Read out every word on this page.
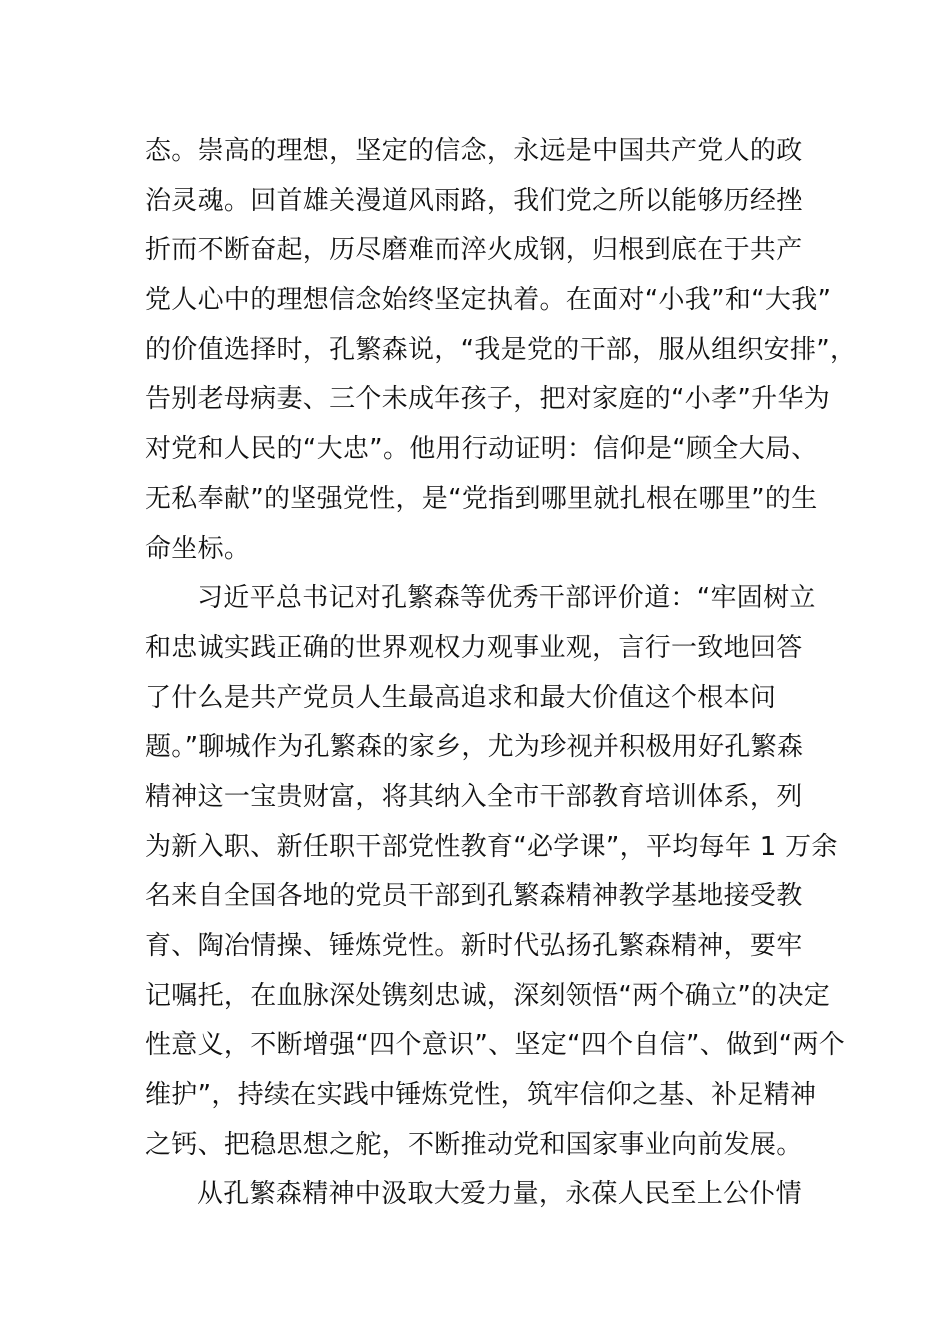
态。崇高的理想，坚定的信念，永远是中国共产党人的政
治灵魂。回首雄关漫道风雨路，我们党之所以能够历经挫
折而不断奋起，历尽磨难而淬火成钢，归根到底在于共产
党人心中的理想信念始终坚定执着。在面对“小我”和“大我”
的价值选择时，孔繁森说，“我是党的干部，服从组织安排”，
告别老母病妻、三个未成年孩子，把对家庭的“小孝”升华为
对党和人民的“大忠”。他用行动证明：信仰是“顾全大局、
无私奉献”的坚强党性，是“党指到哪里就扎根在哪里”的生
命坐标。
习近平总书记对孔繁森等优秀干部评价道：“牢固树立
和忠诚实践正确的世界观权力观事业观，言行一致地回答
了什么是共产党员人生最高追求和最大价值这个根本问
题。”聊城作为孔繁森的家乡，尤为珍视并积极用好孔繁森
精神这一宝贵财富，将其纳入全市干部教育培训体系，列
为新入职、新任职干部党性教育“必学课”，平均每年 1 万余
名来自全国各地的党员干部到孔繁森精神教学基地接受教
育、陶冶情操、锤炼党性。新时代弘扬孔繁森精神，要牢
记嘱托，在血脉深处镌刻忠诚，深刻领悟“两个确立”的决定
性意义，不断增强“四个意识”、坚定“四个自信”、做到“两个
维护”，持续在实践中锤炼党性，筑牢信仰之基、补足精神
之钙、把稳思想之舵，不断推动党和国家事业向前发展。
从孔繁森精神中汲取大爱力量，永葆人民至上公仆情
